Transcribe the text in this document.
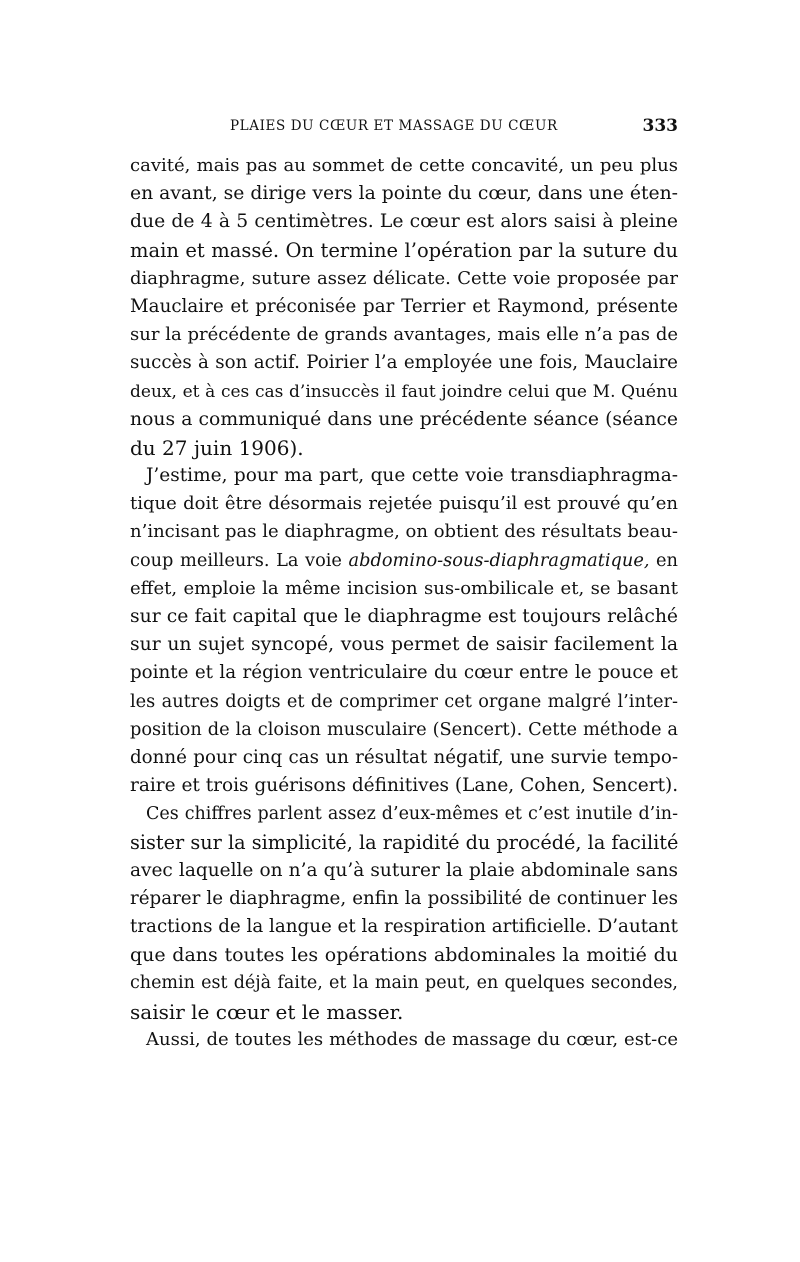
PLAIES DU CŒUR ET MASSAGE DU CŒUR	333
cavité, mais pas au sommet de cette concavité, un peu plus
en avant, se dirige vers la pointe du cœur, dans une éten-
due de 4 à 5 centimètres. Le cœur est alors saisi à pleine
main et massé. On termine l’opération par la suture du
diaphragme, suture assez délicate. Cette voie proposée par
Mauclaire et préconisée par Terrier et Raymond, présente
sur la précédente de grands avantages, mais elle n’a pas de
succès à son actif. Poirier l’a employée une fois, Mauclaire
deux, et à ces cas d’insuccès il faut joindre celui que M. Quénu
nous a communiqué dans une précédente séance (séance
du 27 juin 1906).
J’estime, pour ma part, que cette voie transdiaphragma-
tique doit être désormais rejetée puisqu’il est prouvé qu’en
n’incisant pas le diaphragme, on obtient des résultats beau-
coup meilleurs. La voie abdomino-sous-diaphragmatique, en
effet, emploie la même incision sus-ombilicale et, se basant
sur ce fait capital que le diaphragme est toujours relâché
sur un sujet syncopé, vous permet de saisir facilement la
pointe et la région ventriculaire du cœur entre le pouce et
les autres doigts et de comprimer cet organe malgré l’inter-
position de la cloison musculaire (Sencert). Cette méthode a
donné pour cinq cas un résultat négatif, une survie tempo-
raire et trois guérisons définitives (Lane, Cohen, Sencert).
Ces chiffres parlent assez d’eux-mêmes et c’est inutile d’in-
sister sur la simplicité, la rapidité du procédé, la facilité
avec laquelle on n’a qu’à suturer la plaie abdominale sans
réparer le diaphragme, enfin la possibilité de continuer les
tractions de la langue et la respiration artificielle. D’autant
que dans toutes les opérations abdominales la moitié du
chemin est déjà faite, et la main peut, en quelques secondes,
saisir le cœur et le masser.
Aussi, de toutes les méthodes de massage du cœur, est-ce
